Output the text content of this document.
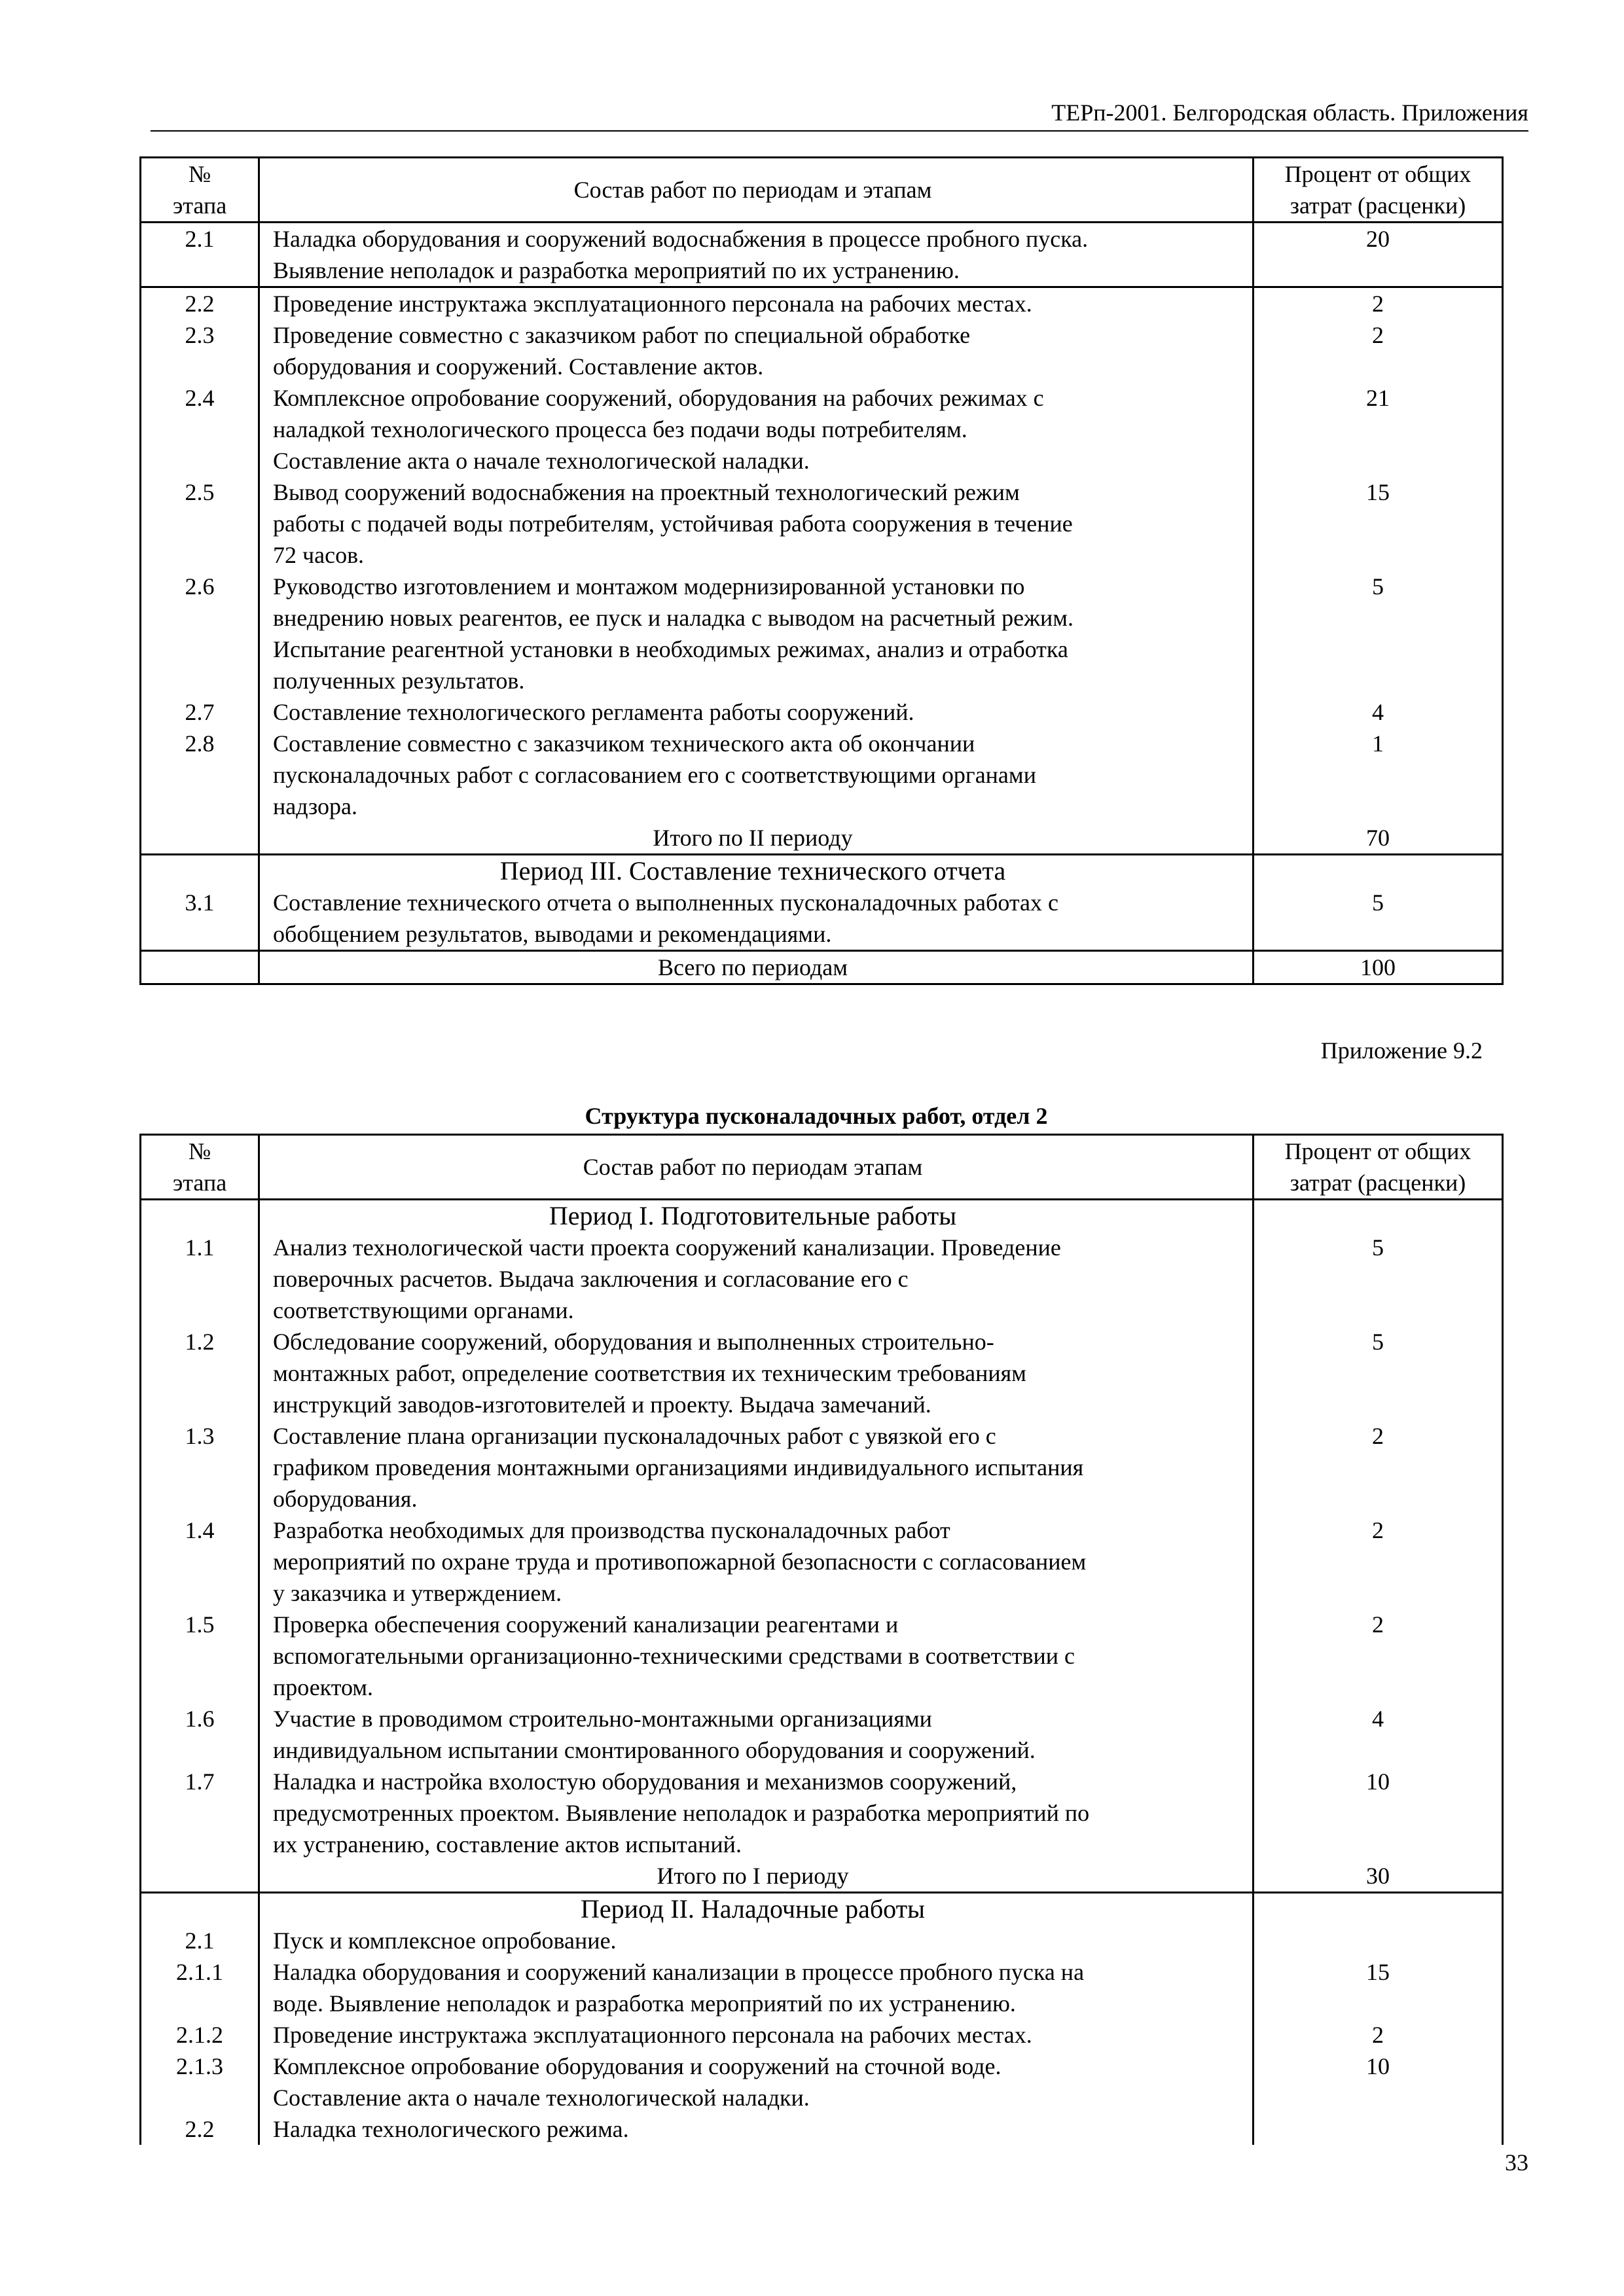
ТЕРп-2001. Белгородская область. Приложения
№
этапа	Состав работ по периодам и этапам	Процент от общих
затрат (расценки)
2.1	Наладка оборудования и сооружений водоснабжения в процессе пробного пуска.
Выявление неполадок и разработка мероприятий по их устранению.	20
2.2	Проведение инструктажа эксплуатационного персонала на рабочих местах.	2
2.3	Проведение совместно с заказчиком работ по специальной обработке
оборудования и сооружений. Составление актов.	2
2.4	Комплексное опробование сооружений, оборудования на рабочих режимах с
наладкой технологического процесса без подачи воды потребителям.
Составление акта о начале технологической наладки.	21
2.5	Вывод сооружений водоснабжения на проектный технологический режим
работы с подачей воды потребителям, устойчивая работа сооружения в течение
72 часов.	15
2.6	Руководство изготовлением и монтажом модернизированной установки по
внедрению новых реагентов, ее пуск и наладка с выводом на расчетный режим.
Испытание реагентной установки в необходимых режимах, анализ и отработка
полученных результатов.	5
2.7	Составление технологического регламента работы сооружений.	4
2.8	Составление совместно с заказчиком технического акта об окончании
пусконаладочных работ с согласованием его с соответствующими органами
надзора.	1
	Итого по II периоду	70
	Период III. Составление технического отчета	
3.1	Составление технического отчета о выполненных пусконаладочных работах с
обобщением результатов, выводами и рекомендациями.	5
	Всего по периодам	100
Приложение 9.2
Структура пусконаладочных работ, отдел 2
№
этапа	Состав работ по периодам этапам	Процент от общих
затрат (расценки)
	Период I. Подготовительные работы	
1.1	Анализ технологической части проекта сооружений канализации. Проведение
поверочных расчетов. Выдача заключения и согласование его с
соответствующими органами.	5
1.2	Обследование сооружений, оборудования и выполненных строительно-
монтажных работ, определение соответствия их техническим требованиям
инструкций заводов-изготовителей и проекту. Выдача замечаний.	5
1.3	Составление плана организации пусконаладочных работ с увязкой его с
графиком проведения монтажными организациями индивидуального испытания
оборудования.	2
1.4	Разработка необходимых для производства пусконаладочных работ
мероприятий по охране труда и противопожарной безопасности с согласованием
у заказчика и утверждением.	2
1.5	Проверка обеспечения сооружений канализации реагентами и
вспомогательными организационно-техническими средствами в соответствии с
проектом.	2
1.6	Участие в проводимом строительно-монтажными организациями
индивидуальном испытании смонтированного оборудования и сооружений.	4
1.7	Наладка и настройка вхолостую оборудования и механизмов сооружений,
предусмотренных проектом. Выявление неполадок и разработка мероприятий по
их устранению, составление актов испытаний.	10
	Итого по I периоду	30
	Период II. Наладочные работы	
2.1	Пуск и комплексное опробование.	
2.1.1	Наладка оборудования и сооружений канализации в процессе пробного пуска на
воде. Выявление неполадок и разработка мероприятий по их устранению.	15
2.1.2	Проведение инструктажа эксплуатационного персонала на рабочих местах.	2
2.1.3	Комплексное опробование оборудования и сооружений на сточной воде.
Составление акта о начале технологической наладки.	10
2.2	Наладка технологического режима.	
33
